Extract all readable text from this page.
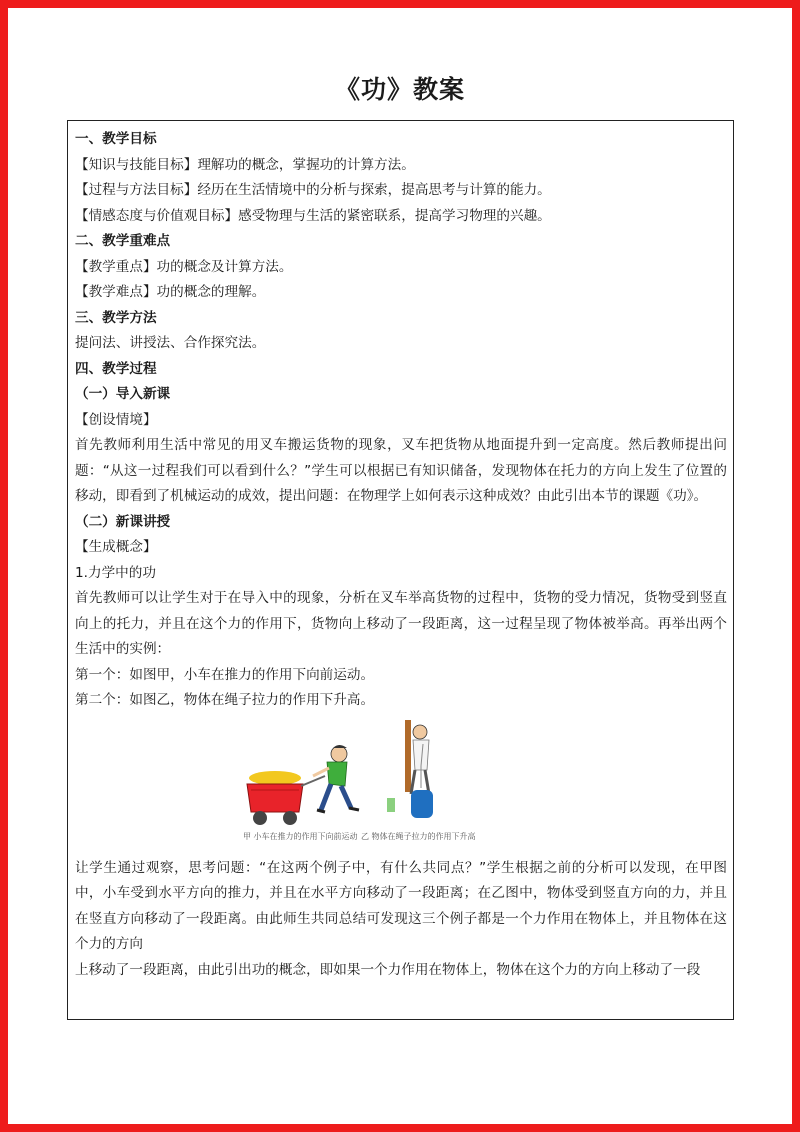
《功》教案
一、教学目标
【知识与技能目标】理解功的概念，掌握功的计算方法。
【过程与方法目标】经历在生活情境中的分析与探索，提高思考与计算的能力。
【情感态度与价值观目标】感受物理与生活的紧密联系，提高学习物理的兴趣。
二、教学重难点
【教学重点】功的概念及计算方法。
【教学难点】功的概念的理解。
三、教学方法
提问法、讲授法、合作探究法。
四、教学过程
（一）导入新课
【创设情境】

首先教师利用生活中常见的用叉车搬运货物的现象，叉车把货物从地面提升到一定高度。然后教师提出问题：“从这一过程我们可以看到什么？”学生可以根据已有知识储备，发现物体在托力的方向上发生了位置的移动，即看到了机械运动的成效，提出问题：在物理学上如何表示这种成效？由此引出本节的课题《功》。

（二）新课讲授
【生成概念】
1.力学中的功

首先教师可以让学生对于在导入中的现象，分析在叉车举高货物的过程中，货物的受力情况，货物受到竖直向上的托力，并且在这个力的作用下，货物向上移动了一段距离，这一过程呈现了物体被举高。再举出两个生活中的实例：

第一个：如图甲，小车在推力的作用下向前运动。
第二个：如图乙，物体在绳子拉力的作用下升高。
甲 小车在推力的作用下向前运动 乙 物体在绳子拉力的作用下升高

让学生通过观察，思考问题：“在这两个例子中，有什么共同点？”学生根据之前的分析可以发现，在甲图中，小车受到水平方向的推力，并且在水平方向移动了一段距离；在乙图中，物体受到竖直方向的力，并且在竖直方向移动了一段距离。由此师生共同总结可发现这三个例子都是一个力作用在物体上，并且物体在这个力的方向

上移动了一段距离，由此引出功的概念，即如果一个力作用在物体上，物体在这个力的方向上移动了一段
